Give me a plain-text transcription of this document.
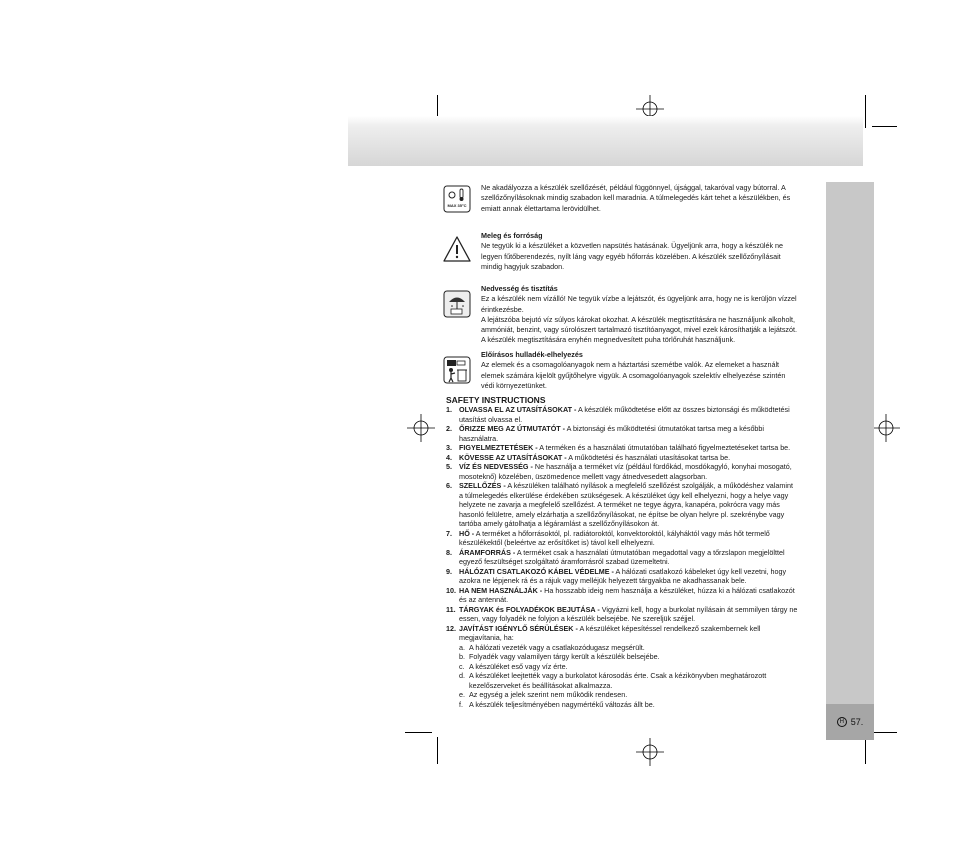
H 57.
MAX 35°C
Ne akadályozza a készülék szellőzését, például függönnyel, újsággal, takaróval vagy bútorral. A
szellőzőnyílásoknak mindig szabadon kell maradnia. A túlmelegedés kárt tehet a készülékben, és
emiatt annak élettartama lerövidülhet.
Meleg és forróság
Ne tegyük ki a készüléket a közvetlen napsütés hatásának. Ügyeljünk arra, hogy a készülék ne
legyen fűtőberendezés, nyílt láng vagy egyéb hőforrás közelében. A készülék szellőzőnyílásait
mindig hagyjuk szabadon.
Nedvesség és tisztítás
Ez a készülék nem vízálló! Ne tegyük vízbe a lejátszót, és ügyeljünk arra, hogy ne is kerüljön vízzel
érintkezésbe.
A lejátszóba bejutó víz súlyos károkat okozhat. A készülék megtisztítására ne használjunk alkoholt,
ammóniát, benzint, vagy súrolószert tartalmazó tisztítóanyagot, mivel ezek károsíthatják a lejátszót.
A készülék megtisztítására enyhén megnedvesített puha törlőruhát használjunk.
Előírásos hulladék-elhelyezés
Az elemek és a csomagolóanyagok nem a háztartási szemétbe valók. Az elemeket a használt
elemek számára kijelölt gyűjtőhelyre vigyük. A csomagolóanyagok szelektív elhelyezése szintén
védi környezetünket.
SAFETY INSTRUCTIONS
1. OLVASSA EL AZ UTASÍTÁSOKAT - A készülék működtetése előtt az összes biztonsági és működtetési
utasítást olvassa el.
2. ŐRIZZE MEG AZ ÚTMUTATÓT - A biztonsági és működtetési útmutatókat tartsa meg a későbbi
használatra.
3. FIGYELMEZTETÉSEK - A terméken és a használati útmutatóban található figyelmeztetéseket tartsa be.
4. KÖVESSE AZ UTASÍTÁSOKAT - A működtetési és használati utasításokat tartsa be.
5. VÍZ ÉS NEDVESSÉG - Ne használja a terméket víz (például fürdőkád, mosdókagyló, konyhai mosogató,
mosoteknő) közelében, üszömedence mellett vagy átnedvesedett alagsorban.
6. SZELLŐZÉS - A készüléken található nyílások a megfelelő szellőzést szolgálják, a működéshez valamint
a túlmelegedés elkerülése érdekében szükségesek. A készüléket úgy kell elhelyezni, hogy a helye vagy
helyzete ne zavarja a megfelelő szellőzést. A terméket ne tegye ágyra, kanapéra, pokrócra vagy más
hasonló felületre, amely elzárhatja a szellőzőnyílásokat, ne építse be olyan helyre pl. szekrénybe vagy
tartóba amely gátolhatja a légáramlást a szellőzőnyílásokon át.
7. HŐ - A terméket a hőforrásoktól, pl. radiátoroktól, konvektoroktól, kályháktól vagy más hőt termelő
készülékektől (beleértve az erősítőket is) távol kell elhelyezni.
8. ÁRAMFORRÁS - A terméket csak a használati útmutatóban megadottal vagy a tőrzslapon megjelölttel
egyező feszültséget szolgáltató áramforrásról szabad üzemeltetni.
9. HÁLÓZATI CSATLAKOZÓ KÁBEL VÉDELME - A hálózati csatlakozó kábeleket úgy kell vezetni, hogy
azokra ne lépjenek rá és a rájuk vagy melléjük helyezett tárgyakba ne akadhassanak bele.
10. HA NEM HASZNÁLJÁK - Ha hosszabb ideig nem használja a készüléket, húzza ki a hálózati csatlakozót
és az antennát.
11. TÁRGYAK és FOLYADÉKOK BEJUTÁSA - Vigyázni kell, hogy a burkolat nyílásain át semmilyen tárgy ne
essen, vagy folyadék ne folyjon a készülék belsejébe. Ne szereljük széjjel.
12. JAVÍTÁST IGÉNYLŐ SÉRÜLÉSEK - A készüléket képesítéssel rendelkező szakembernek kell
megjavítania, ha:
a. A hálózati vezeték vagy a csatlakozódugasz megsérült.
b. Folyadék vagy valamilyen tárgy került a készülék belsejébe.
c. A készüléket eső vagy víz érte.
d. A készüléket leejtették vagy a burkolatot károsodás érte. Csak a kézikönyvben meghatározott
kezelőszerveket és beállításokat alkalmazza.
e. Az egység a jelek szerint nem működik rendesen.
f. A készülék teljesítményében nagymértékű változás állt be.
